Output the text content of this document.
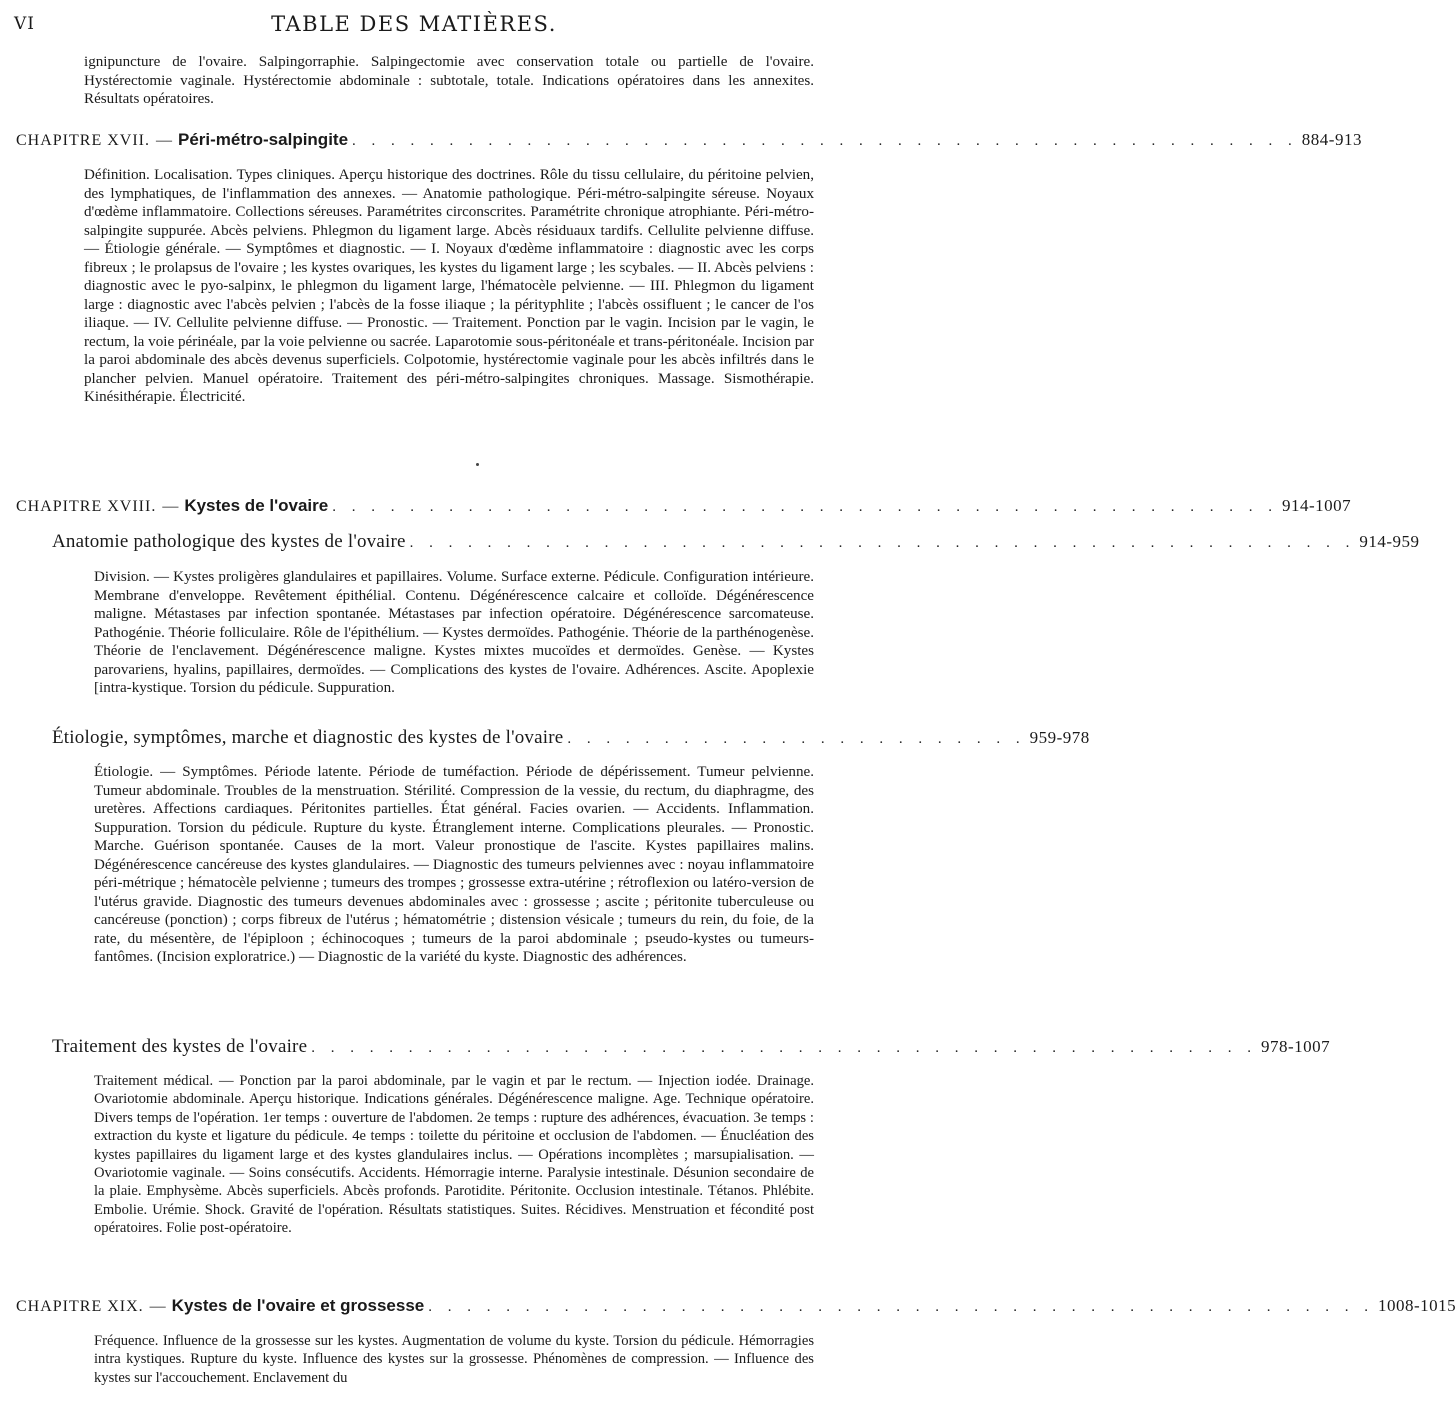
VI	TABLE DES MATIÈRES.

ignipuncture de l'ovaire. Salpingorraphie. Salpingectomie avec conservation totale ou partielle de l'ovaire. Hystérectomie vaginale. Hystérectomie abdominale : subtotale, totale. Indications opératoires dans les annexites. Résultats opératoires.

CHAPITRE XVII. — Péri-métro-salpingite . . . . . . . . . . . . . . . . . . . . . . . . . . . . . . . . . . . . . . . . . . . . . . . . . 884-913

Définition. Localisation. Types cliniques. Aperçu historique des doctrines. Rôle du tissu cellulaire, du péritoine pelvien, des lymphatiques, de l'inflammation des annexes. — Anatomie pathologique. Péri-métro-salpingite séreuse. Noyaux d'œdème inflammatoire. Collections séreuses. Paramétrites circonscrites. Paramétrite chronique atrophiante. Péri-métro-salpingite suppurée. Abcès pelviens. Phlegmon du ligament large. Abcès résiduaux tardifs. Cellulite pelvienne diffuse. — Étiologie générale. — Symptômes et diagnostic. — I. Noyaux d'œdème inflammatoire : diagnostic avec les corps fibreux ; le prolapsus de l'ovaire ; les kystes ovariques, les kystes du ligament large ; les scybales. — II. Abcès pelviens : diagnostic avec le pyo-salpinx, le phlegmon du ligament large, l'hématocèle pelvienne. — III. Phlegmon du ligament large : diagnostic avec l'abcès pelvien ; l'abcès de la fosse iliaque ; la pérityphlite ; l'abcès ossifluent ; le cancer de l'os iliaque. — IV. Cellulite pelvienne diffuse. — Pronostic. — Traitement. Ponction par le vagin. Incision par le vagin, le rectum, la voie périnéale, par la voie pelvienne ou sacrée. Laparotomie sous-péritonéale et trans-péritonéale. Incision par la paroi abdominale des abcès devenus superficiels. Colpotomie, hystérectomie vaginale pour les abcès infiltrés dans le plancher pelvien. Manuel opératoire. Traitement des péri-métro-salpingites chroniques. Massage. Sismothérapie. Kinésithérapie. Électricité.

CHAPITRE XVIII. — Kystes de l'ovaire . . . . . . . . . . . . . . . . . . . . . . . . . . . . . . . . . . . . . . . . . . . . . . . . . 914-1007
Anatomie pathologique des kystes de l'ovaire . . . . . . . . . . . . . . . . . . . . . . . . . . . . . . . . . . . . . . . . . . . . . . . . . 914-959

Division. — Kystes proligères glandulaires et papillaires. Volume. Surface externe. Pédicule. Configuration intérieure. Membrane d'enveloppe. Revêtement épithélial. Contenu. Dégénérescence calcaire et colloïde. Dégénérescence maligne. Métastases par infection spontanée. Métastases par infection opératoire. Dégénérescence sarcomateuse. Pathogénie. Théorie folliculaire. Rôle de l'épithélium. — Kystes dermoïdes. Pathogénie. Théorie de la parthénogenèse. Théorie de l'enclavement. Dégénérescence maligne. Kystes mixtes mucoïdes et dermoïdes. Genèse. — Kystes parovariens, hyalins, papillaires, dermoïdes. — Complications des kystes de l'ovaire. Adhérences. Ascite. Apoplexie [intra-kystique. Torsion du pédicule. Suppuration.

Étiologie, symptômes, marche et diagnostic des kystes de l'ovaire . . . . . . . . . . . . . . . . . . . . . . . . 959-978

Étiologie. — Symptômes. Période latente. Période de tuméfaction. Période de dépérissement. Tumeur pelvienne. Tumeur abdominale. Troubles de la menstruation. Stérilité. Compression de la vessie, du rectum, du diaphragme, des uretères. Affections cardiaques. Péritonites partielles. État général. Facies ovarien. — Accidents. Inflammation. Suppuration. Torsion du pédicule. Rupture du kyste. Étranglement interne. Complications pleurales. — Pronostic. Marche. Guérison spontanée. Causes de la mort. Valeur pronostique de l'ascite. Kystes papillaires malins. Dégénérescence cancéreuse des kystes glandulaires. — Diagnostic des tumeurs pelviennes avec : noyau inflammatoire péri-métrique ; hématocèle pelvienne ; tumeurs des trompes ; grossesse extra-utérine ; rétroflexion ou latéro-version de l'utérus gravide. Diagnostic des tumeurs devenues abdominales avec : grossesse ; ascite ; péritonite tuberculeuse ou cancéreuse (ponction) ; corps fibreux de l'utérus ; hématométrie ; distension vésicale ; tumeurs du rein, du foie, de la rate, du mésentère, de l'épiploon ; échinocoques ; tumeurs de la paroi abdominale ; pseudo-kystes ou tumeurs-fantômes. (Incision exploratrice.) — Diagnostic de la variété du kyste. Diagnostic des adhérences.

Traitement des kystes de l'ovaire . . . . . . . . . . . . . . . . . . . . . . . . . . . . . . . . . . . . . . . . . . . . . . . . . 978-1007

Traitement médical. — Ponction par la paroi abdominale, par le vagin et par le rectum. — Injection iodée. Drainage. Ovariotomie abdominale. Aperçu historique. Indications générales. Dégénérescence maligne. Age. Technique opératoire. Divers temps de l'opération. 1er temps : ouverture de l'abdomen. 2e temps : rupture des adhérences, évacuation. 3e temps : extraction du kyste et ligature du pédicule. 4e temps : toilette du péritoine et occlusion de l'abdomen. — Énucléation des kystes papillaires du ligament large et des kystes glandulaires inclus. — Opérations incomplètes ; marsupialisation. — Ovariotomie vaginale. — Soins consécutifs. Accidents. Hémorragie interne. Paralysie intestinale. Désunion secondaire de la plaie. Emphysème. Abcès superficiels. Abcès profonds. Parotidite. Péritonite. Occlusion intestinale. Tétanos. Phlébite. Embolie. Urémie. Shock. Gravité de l'opération. Résultats statistiques. Suites. Récidives. Menstruation et fécondité post opératoires. Folie post-opératoire.

CHAPITRE XIX. — Kystes de l'ovaire et grossesse . . . . . . . . . . . . . . . . . . . . . . . . . . . . . . . . . . . . . . . . . . . . . . . . . 1008-1015

Fréquence. Influence de la grossesse sur les kystes. Augmentation de volume du kyste. Torsion du pédicule. Hémorragies intra kystiques. Rupture du kyste. Influence des kystes sur la grossesse. Phénomènes de compression. — Influence des kystes sur l'accouchement. Enclavement du
